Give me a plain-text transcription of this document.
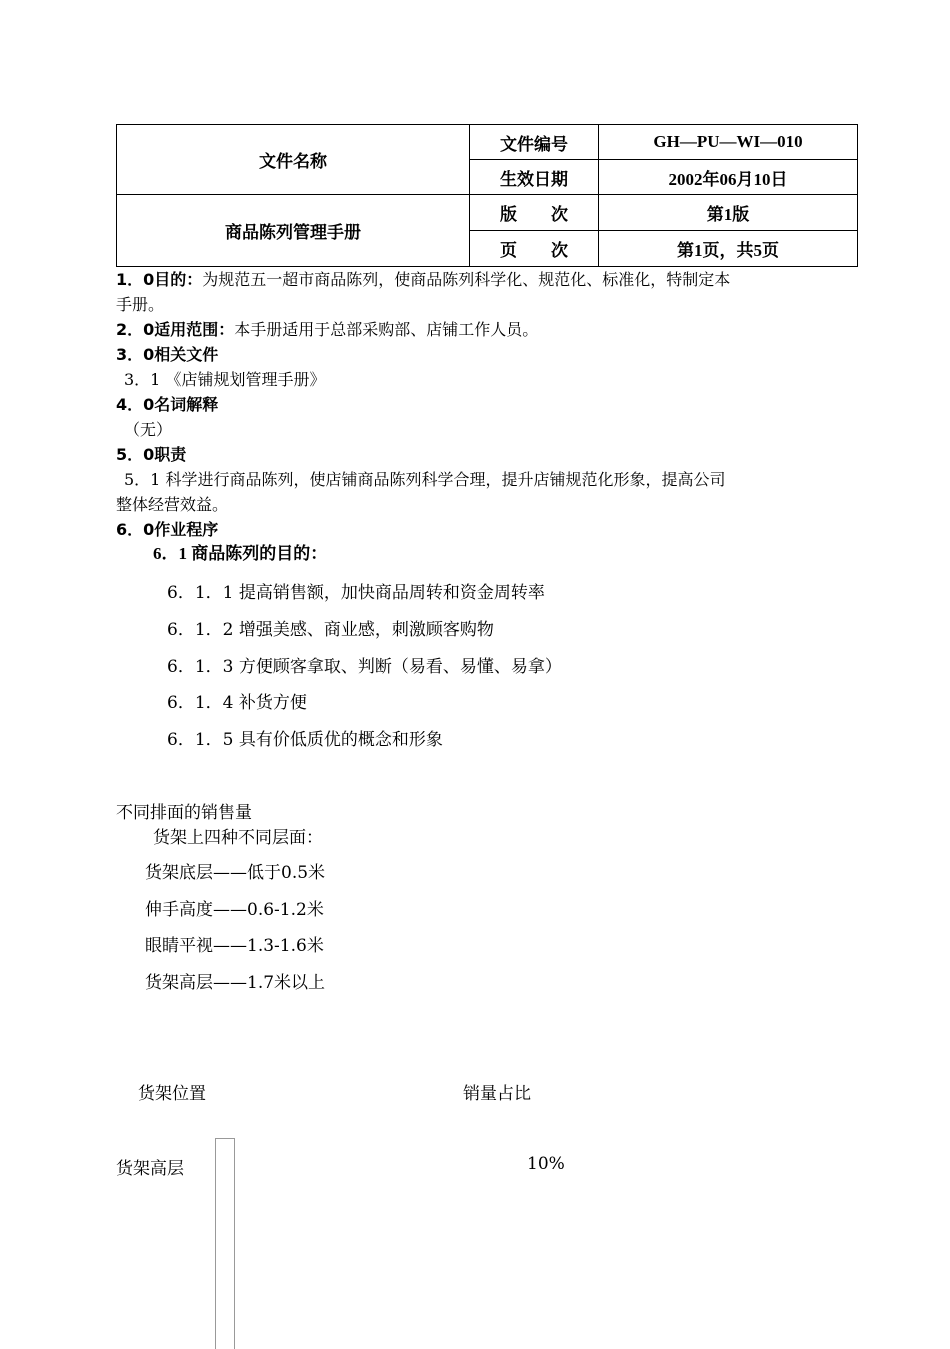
文件名称	文件编号	GH—PU—WI—010
	生效日期	2002年06月10日
商品陈列管理手册	版　　次	第1版
	页　　次	第1页，共5页
1．0目的：为规范五一超市商品陈列，使商品陈列科学化、规范化、标准化，特制定本
手册。
2．0适用范围：本手册适用于总部采购部、店铺工作人员。
3．0相关文件
3．1 《店铺规划管理手册》
4．0名词解释
（无）
5．0职责
5．1 科学进行商品陈列，使店铺商品陈列科学合理，提升店铺规范化形象，提高公司
整体经营效益。
6．0作业程序
6．1 商品陈列的目的：
6．1．1 提高销售额，加快商品周转和资金周转率
6．1．2 增强美感、商业感，刺激顾客购物
6．1．3 方便顾客拿取、判断（易看、易懂、易拿）
6．1．4 补货方便
6．1．5 具有价低质优的概念和形象
不同排面的销售量
货架上四种不同层面：
货架底层——低于0.5米
伸手高度——0.6-1.2米
眼睛平视——1.3-1.6米
货架高层——1.7米以上
货架位置	销量占比
货架高层	10%
